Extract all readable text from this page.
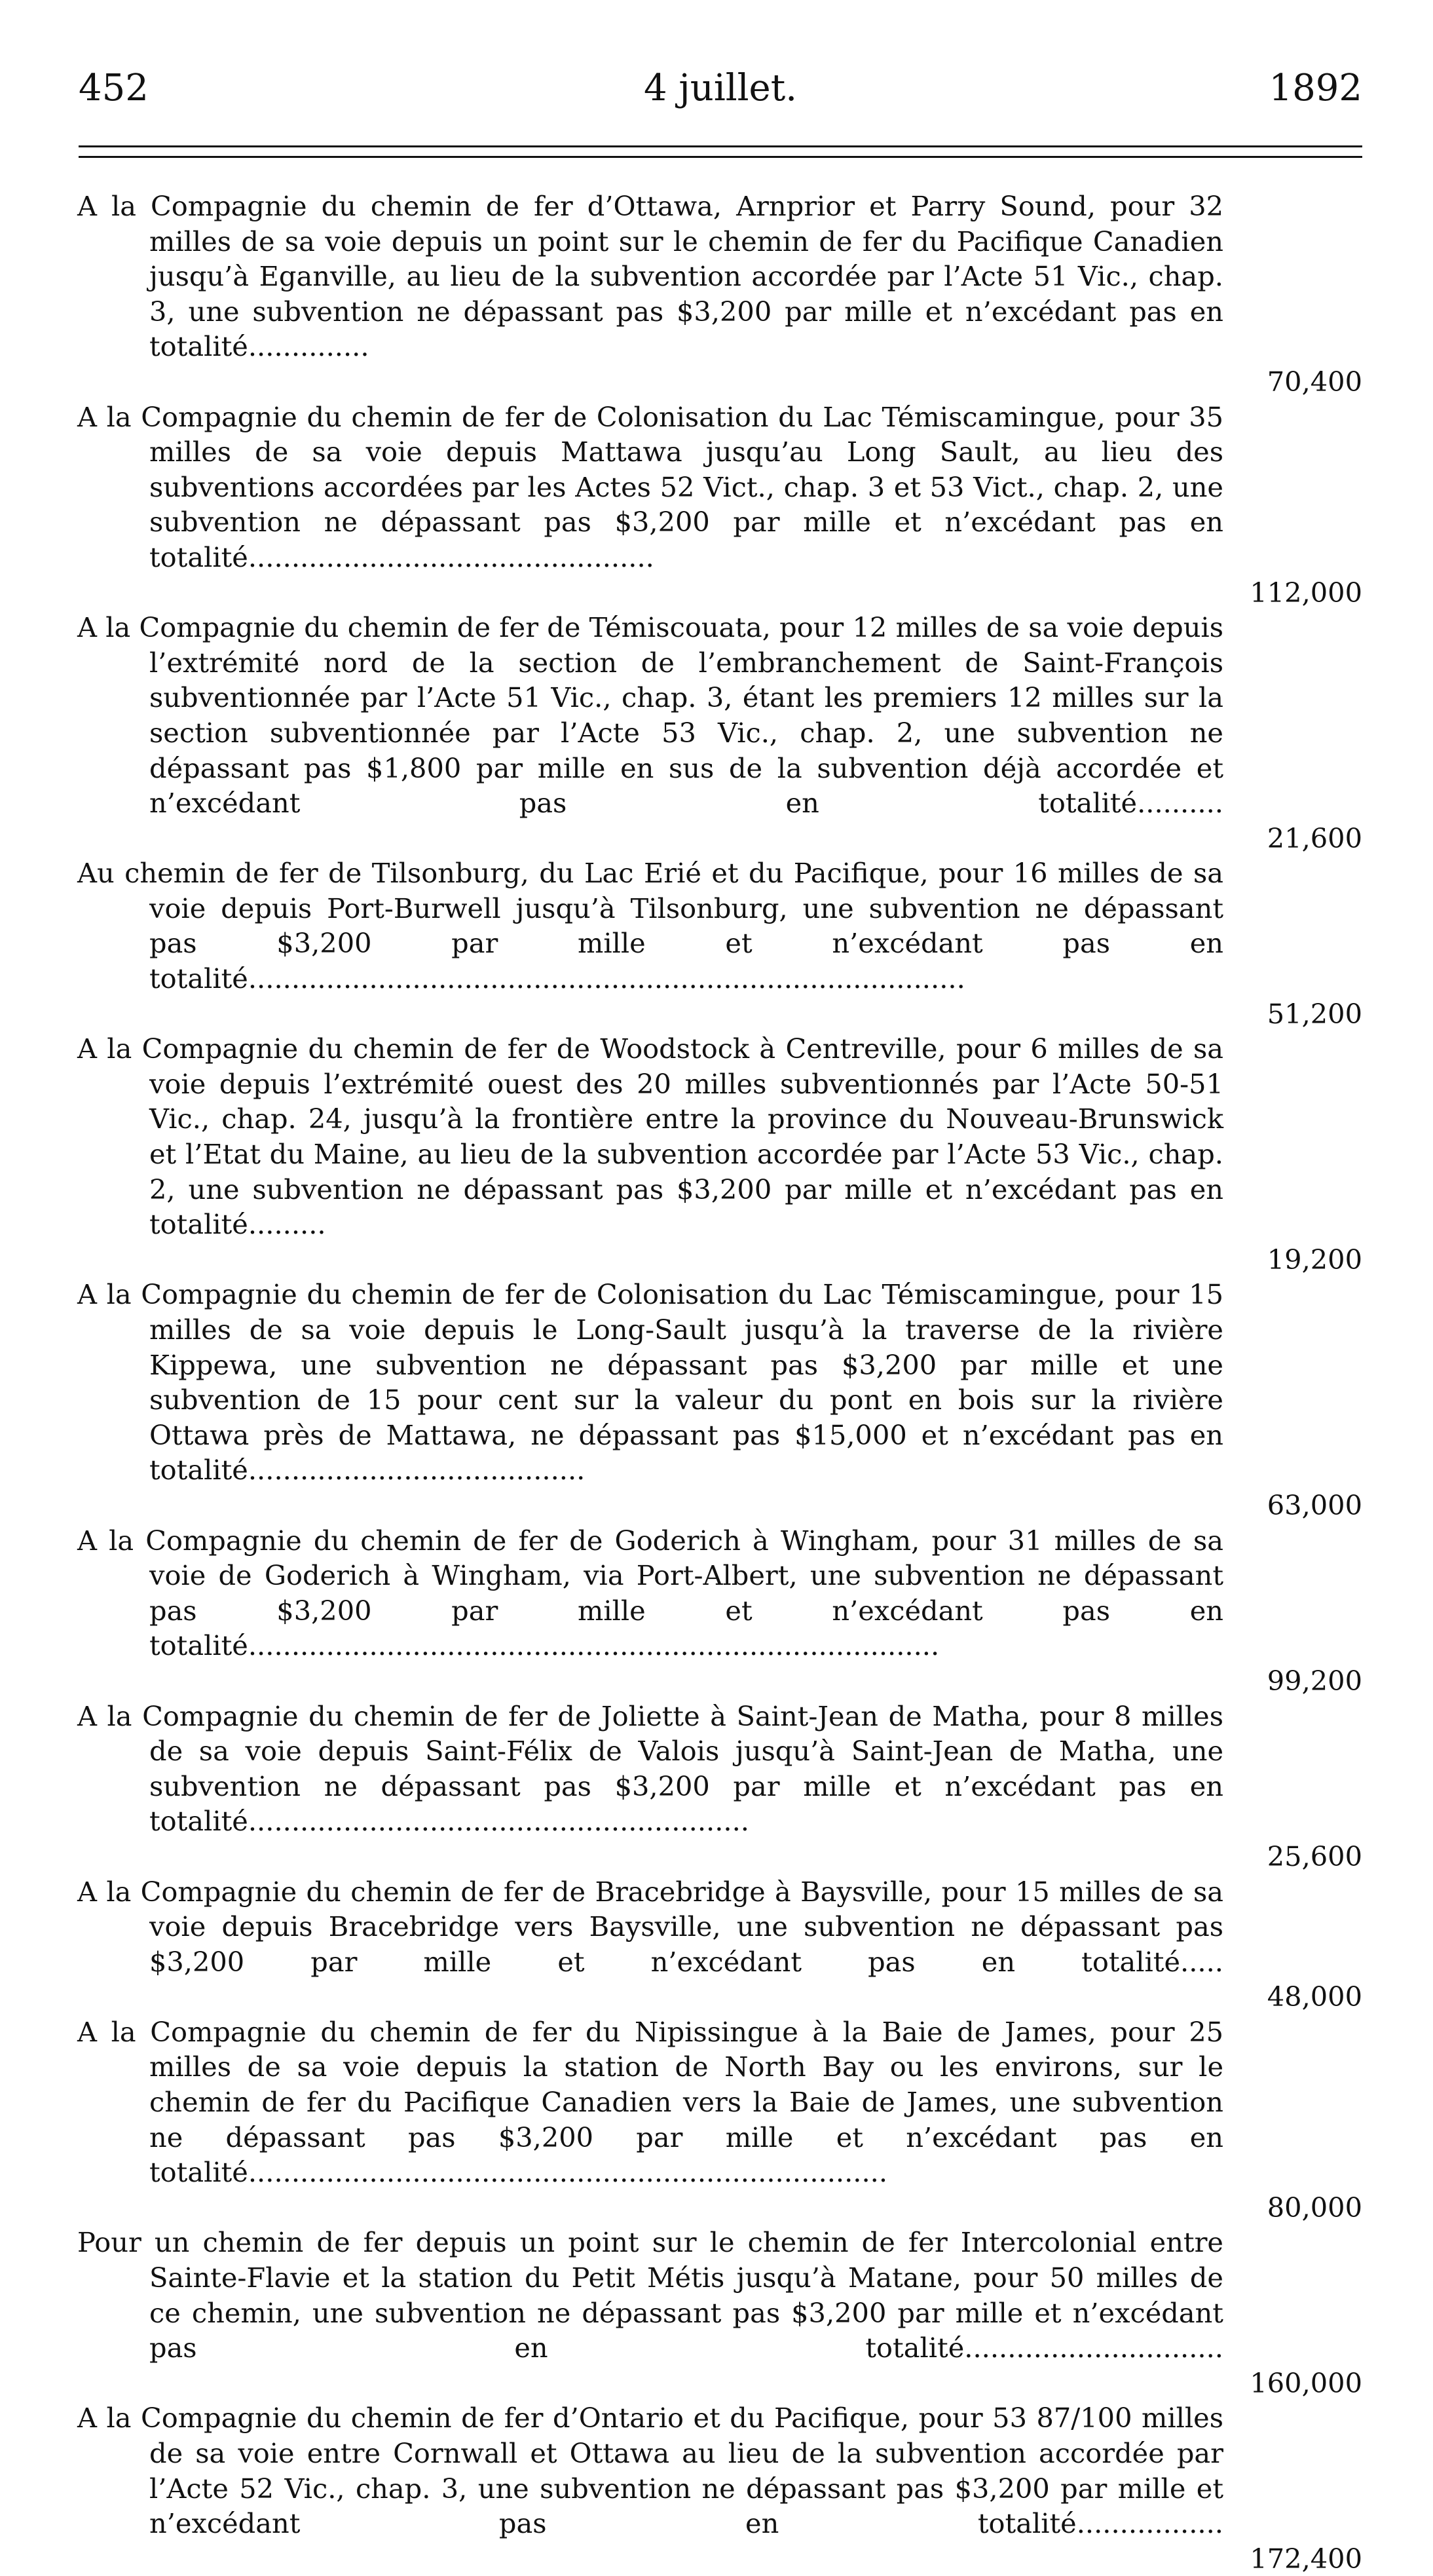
452	4 juillet.	1892
A la Compagnie du chemin de fer d’Ottawa, Arnprior et Parry Sound, pour 32 milles de sa voie depuis un point sur le chemin de fer du Pacifique Canadien jusqu’à Eganville, au lieu de la subvention accordée par l’Acte 51 Vic., chap. 3, une subvention ne dépassant pas $3,200 par mille et n’excédant pas en totalité..............
70,400
A la Compagnie du chemin de fer de Colonisation du Lac Témiscamingue, pour 35 milles de sa voie depuis Mattawa jusqu’au Long Sault, au lieu des subventions accordées par les Actes 52 Vict., chap. 3 et 53 Vict., chap. 2, une subvention ne dépassant pas $3,200 par mille et n’excédant pas en totalité...............................................
112,000
A la Compagnie du chemin de fer de Témiscouata, pour 12 milles de sa voie depuis l’extrémité nord de la section de l’embranchement de Saint-François subventionnée par l’Acte 51 Vic., chap. 3, étant les premiers 12 milles sur la section subventionnée par l’Acte 53 Vic., chap. 2, une subvention ne dépassant pas $1,800 par mille en sus de la subvention déjà accordée et n’excédant pas en totalité..........
21,600
Au chemin de fer de Tilsonburg, du Lac Erié et du Pacifique, pour 16 milles de sa voie depuis Port-Burwell jusqu’à Tilsonburg, une subvention ne dépassant pas $3,200 par mille et n’excédant pas en totalité...................................................................................
51,200
A la Compagnie du chemin de fer de Woodstock à Centreville, pour 6 milles de sa voie depuis l’extrémité ouest des 20 milles subventionnés par l’Acte 50-51 Vic., chap. 24, jusqu’à la frontière entre la province du Nouveau-Brunswick et l’Etat du Maine, au lieu de la subvention accordée par l’Acte 53 Vic., chap. 2, une subvention ne dépassant pas $3,200 par mille et n’excédant pas en totalité.........
19,200
A la Compagnie du chemin de fer de Colonisation du Lac Témiscamingue, pour 15 milles de sa voie depuis le Long-Sault jusqu’à la traverse de la rivière Kippewa, une subvention ne dépassant pas $3,200 par mille et une subvention de 15 pour cent sur la valeur du pont en bois sur la rivière Ottawa près de Mattawa, ne dépassant pas $15,000 et n’excédant pas en totalité.......................................
63,000
A la Compagnie du chemin de fer de Goderich à Wingham, pour 31 milles de sa voie de Goderich à Wingham, via Port-Albert, une subvention ne dépassant pas $3,200 par mille et n’excédant pas en totalité................................................................................
99,200
A la Compagnie du chemin de fer de Joliette à Saint-Jean de Matha, pour 8 milles de sa voie depuis Saint-Félix de Valois jusqu’à Saint-Jean de Matha, une subvention ne dépassant pas $3,200 par mille et n’excédant pas en totalité..........................................................
25,600
A la Compagnie du chemin de fer de Bracebridge à Baysville, pour 15 milles de sa voie depuis Bracebridge vers Baysville, une subvention ne dépassant pas $3,200 par mille et n’excédant pas en totalité.....
48,000
A la Compagnie du chemin de fer du Nipissingue à la Baie de James, pour 25 milles de sa voie depuis la station de North Bay ou les environs, sur le chemin de fer du Pacifique Canadien vers la Baie de James, une subvention ne dépassant pas $3,200 par mille et n’excédant pas en totalité..........................................................................
80,000
Pour un chemin de fer depuis un point sur le chemin de fer Intercolonial entre Sainte-Flavie et la station du Petit Métis jusqu’à Matane, pour 50 milles de ce chemin, une subvention ne dépassant pas $3,200 par mille et n’excédant pas en totalité..............................
160,000
A la Compagnie du chemin de fer d’Ontario et du Pacifique, pour 53 87/100 milles de sa voie entre Cornwall et Ottawa au lieu de la subvention accordée par l’Acte 52 Vic., chap. 3, une subvention ne dépassant pas $3,200 par mille et n’excédant pas en totalité.................
172,400
